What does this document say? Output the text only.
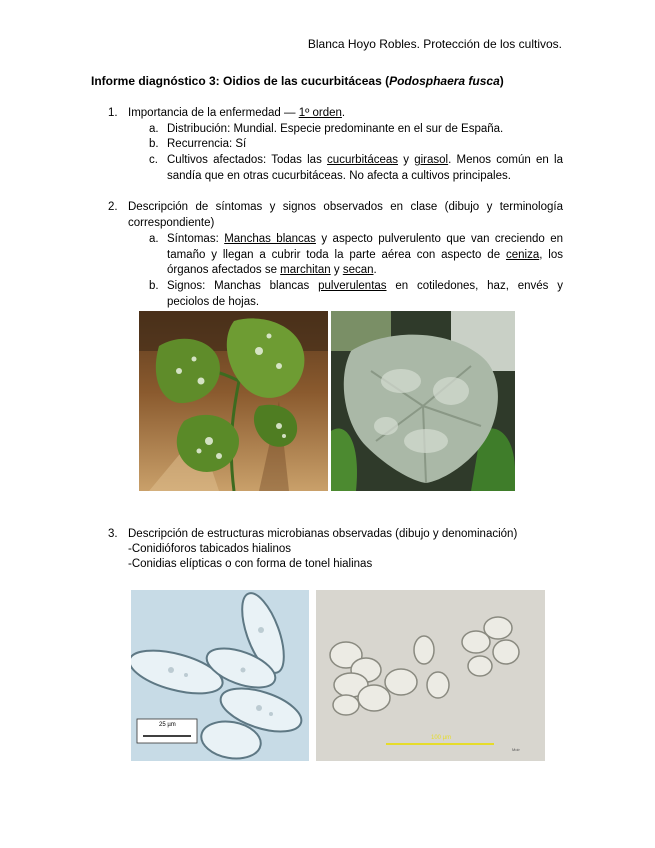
Blanca Hoyo Robles. Protección de los cultivos.
Informe diagnóstico 3: Oidios de las cucurbitáceas (Podosphaera fusca)
1. Importancia de la enfermedad — 1º orden.
a. Distribución: Mundial. Especie predominante en el sur de España.
b. Recurrencia: Sí
c. Cultivos afectados: Todas las cucurbitáceas y girasol. Menos común en la sandía que en otras cucurbitáceas. No afecta a cultivos principales.
2. Descripción de síntomas y signos observados en clase (dibujo y terminología correspondiente)
a. Síntomas: Manchas blancas y aspecto pulverulento que van creciendo en tamaño y llegan a cubrir toda la parte aérea con aspecto de ceniza, los órganos afectados se marchitan y secan.
b. Signos: Manchas blancas pulverulentas en cotiledones, haz, envés y peciolos de hojas.
3. Descripción de estructuras microbianas observadas (dibujo y denominación)
-Conidióforos tabicados hialinos
-Conidias elípticas o con forma de tonel hialinas
25 µm
100 µm
Moir
